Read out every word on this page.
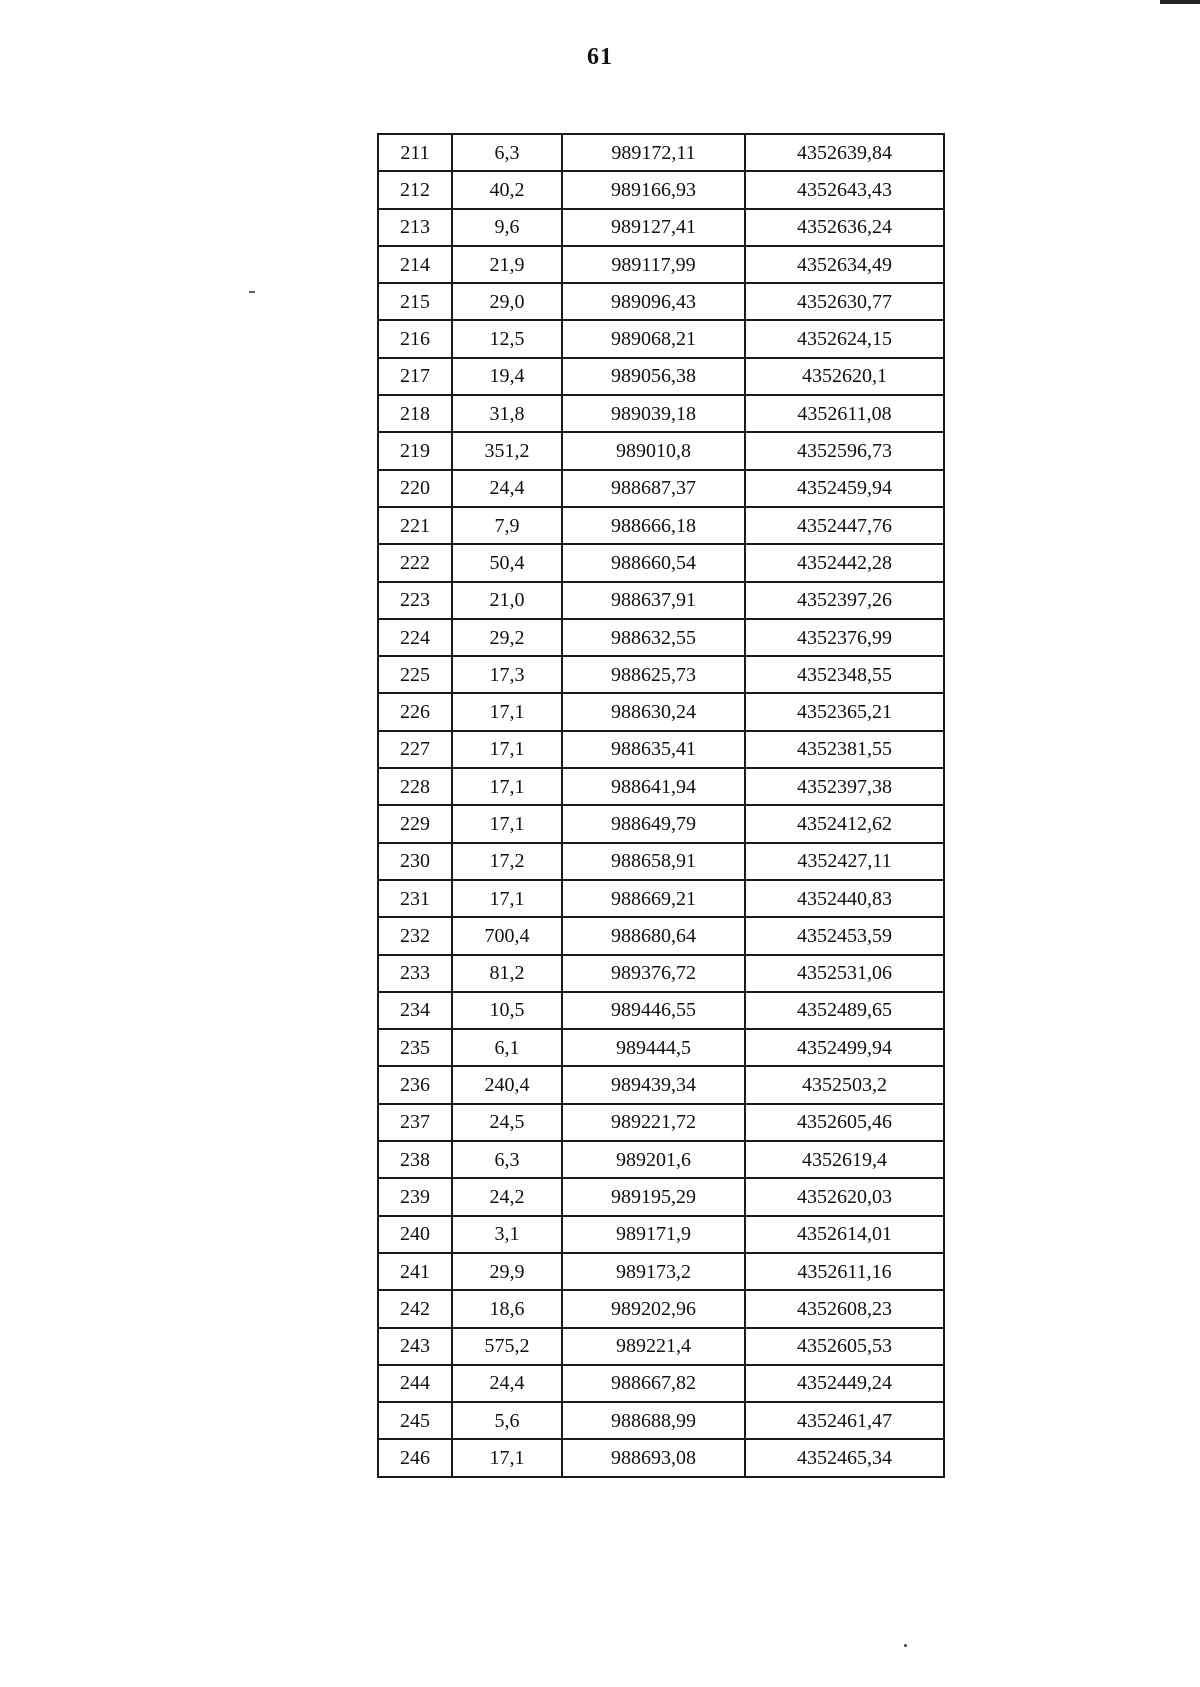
61
211	6,3	989172,11	4352639,84
212	40,2	989166,93	4352643,43
213	9,6	989127,41	4352636,24
214	21,9	989117,99	4352634,49
215	29,0	989096,43	4352630,77
216	12,5	989068,21	4352624,15
217	19,4	989056,38	4352620,1
218	31,8	989039,18	4352611,08
219	351,2	989010,8	4352596,73
220	24,4	988687,37	4352459,94
221	7,9	988666,18	4352447,76
222	50,4	988660,54	4352442,28
223	21,0	988637,91	4352397,26
224	29,2	988632,55	4352376,99
225	17,3	988625,73	4352348,55
226	17,1	988630,24	4352365,21
227	17,1	988635,41	4352381,55
228	17,1	988641,94	4352397,38
229	17,1	988649,79	4352412,62
230	17,2	988658,91	4352427,11
231	17,1	988669,21	4352440,83
232	700,4	988680,64	4352453,59
233	81,2	989376,72	4352531,06
234	10,5	989446,55	4352489,65
235	6,1	989444,5	4352499,94
236	240,4	989439,34	4352503,2
237	24,5	989221,72	4352605,46
238	6,3	989201,6	4352619,4
239	24,2	989195,29	4352620,03
240	3,1	989171,9	4352614,01
241	29,9	989173,2	4352611,16
242	18,6	989202,96	4352608,23
243	575,2	989221,4	4352605,53
244	24,4	988667,82	4352449,24
245	5,6	988688,99	4352461,47
246	17,1	988693,08	4352465,34
